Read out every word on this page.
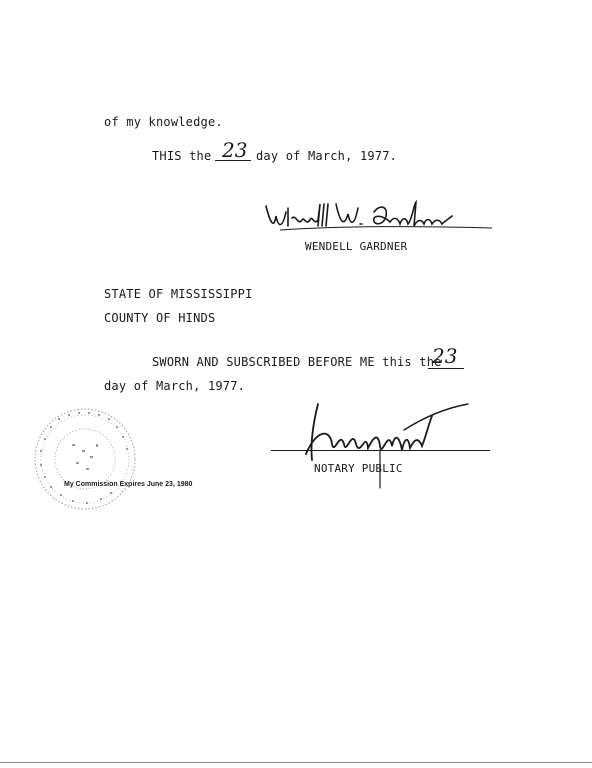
of my knowledge.
THIS the 23 day of March, 1977.
WENDELL GARDNER
STATE OF MISSISSIPPI
COUNTY OF HINDS
SWORN AND SUBSCRIBED BEFORE ME this the
23
day of March, 1977.
My Commission Expires June 23, 1980
NOTARY PUBLIC
